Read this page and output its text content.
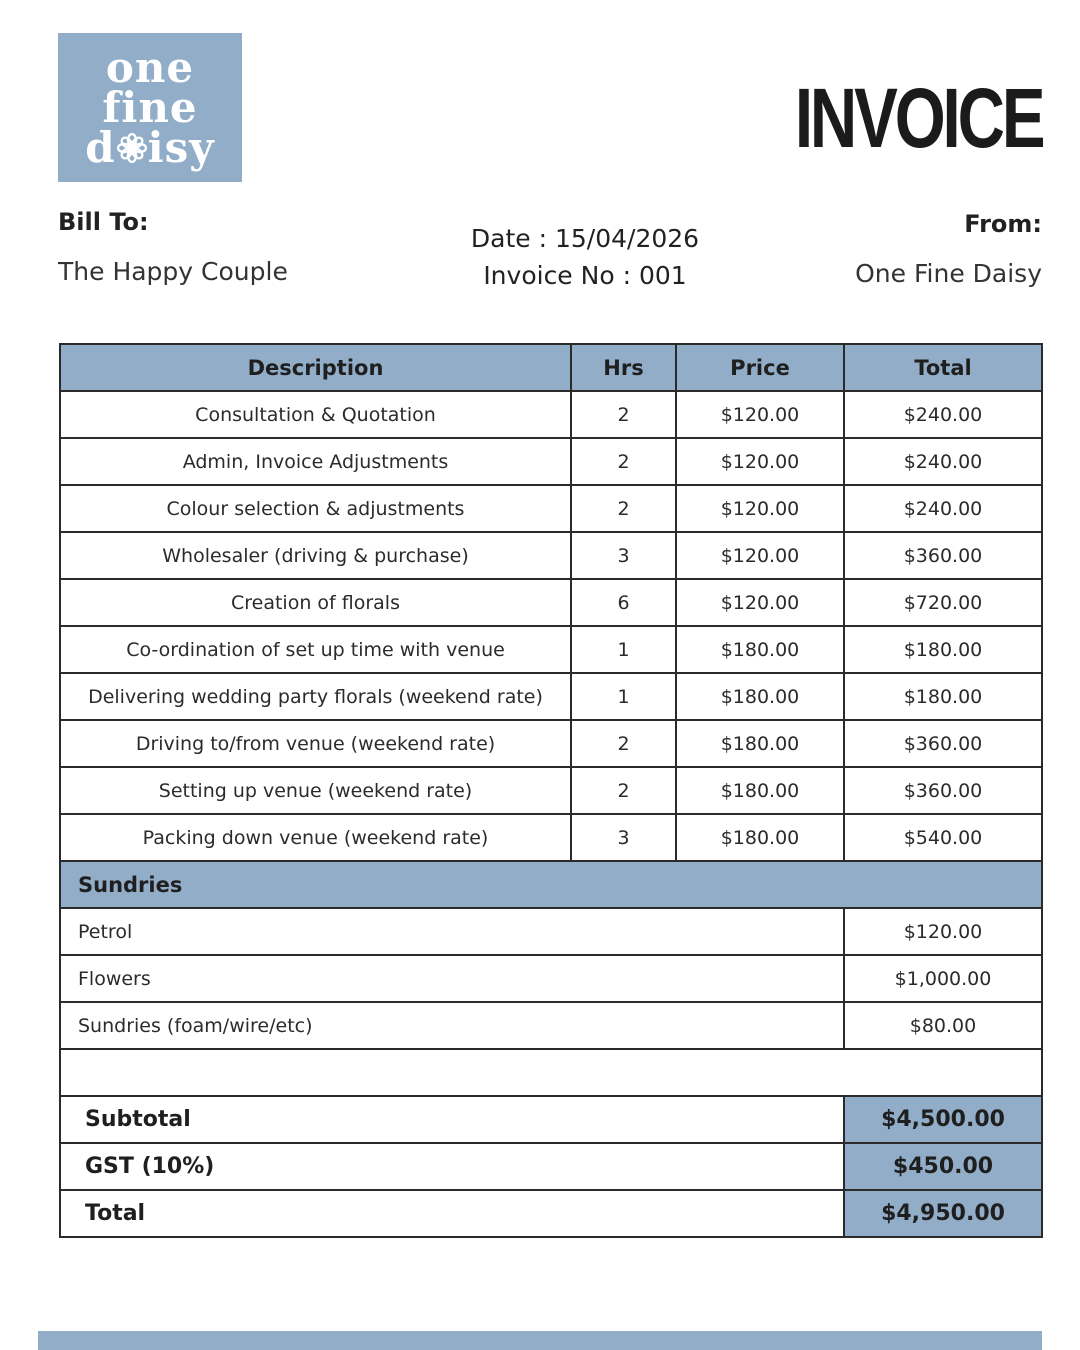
one
fine
d isy	INVOICE
Bill To:
The Happy Couple
Date : 15/04/2026
Invoice No : 001
From:
One Fine Daisy
Description	Hrs	Price	Total
Consultation & Quotation	2	$120.00	$240.00
Admin, Invoice Adjustments	2	$120.00	$240.00
Colour selection & adjustments	2	$120.00	$240.00
Wholesaler (driving & purchase)	3	$120.00	$360.00
Creation of florals	6	$120.00	$720.00
Co-ordination of set up time with venue	1	$180.00	$180.00
Delivering wedding party florals (weekend rate)	1	$180.00	$180.00
Driving to/from venue (weekend rate)	2	$180.00	$360.00
Setting up venue (weekend rate)	2	$180.00	$360.00
Packing down venue (weekend rate)	3	$180.00	$540.00
Sundries			
Petrol			$120.00
Flowers			$1,000.00
Sundries (foam/wire/etc)			$80.00

Subtotal			$4,500.00
GST (10%)			$450.00
Total			$4,950.00
